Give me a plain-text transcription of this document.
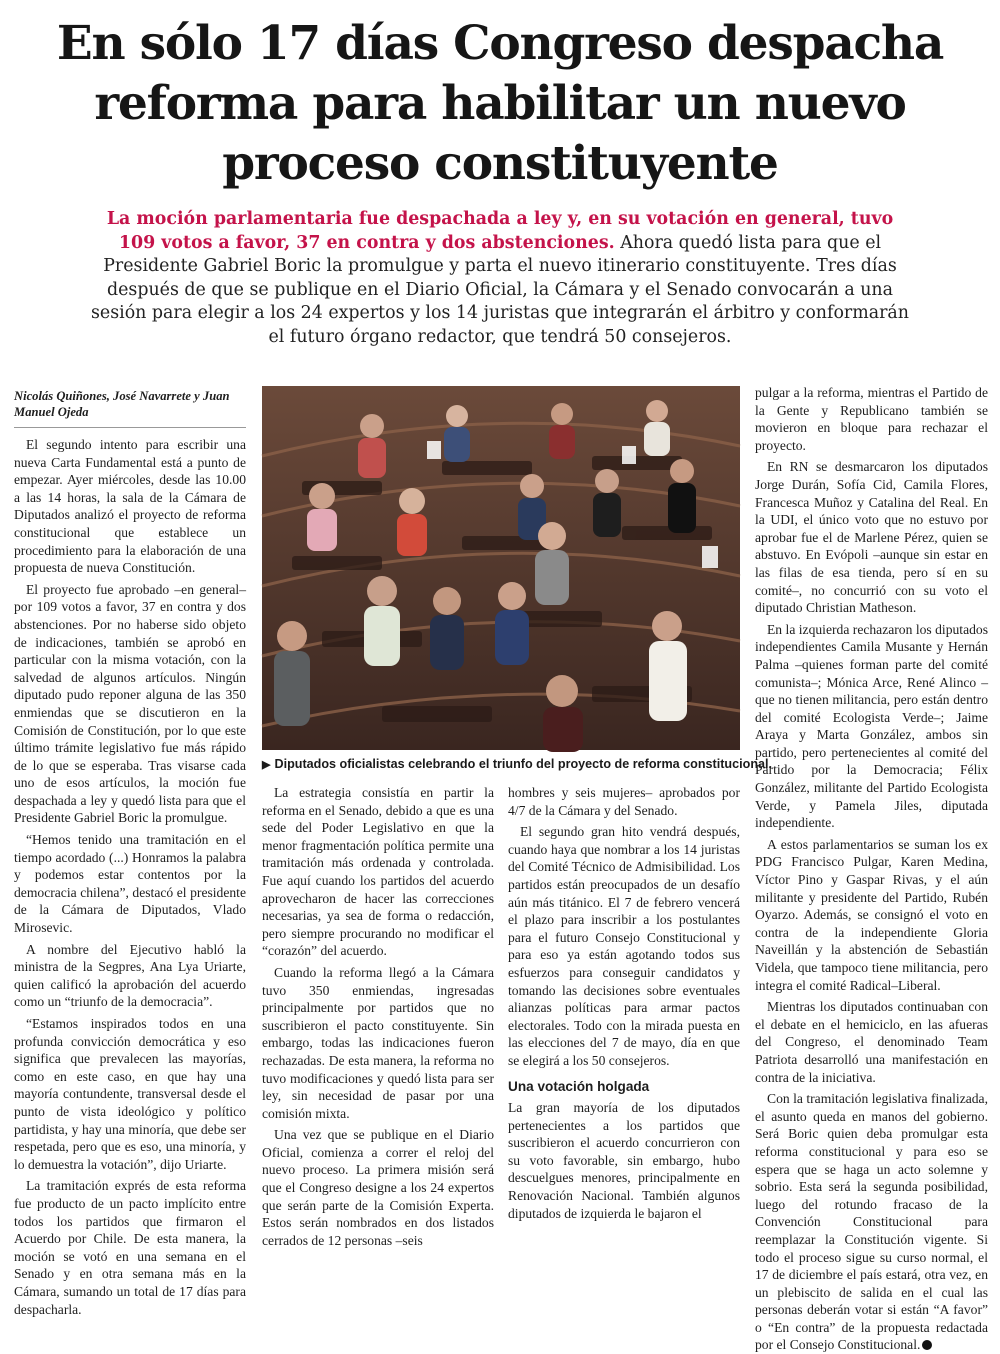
En sólo 17 días Congreso despacha reforma para habilitar un nuevo proceso constituyente
La moción parlamentaria fue despachada a ley y, en su votación en general, tuvo 109 votos a favor, 37 en contra y dos abstenciones. Ahora quedó lista para que el Presidente Gabriel Boric la promulgue y parta el nuevo itinerario constituyente. Tres días después de que se publique en el Diario Oficial, la Cámara y el Senado convocarán a una sesión para elegir a los 24 expertos y los 14 juristas que integrarán el árbitro y conformarán el futuro órgano redactor, que tendrá 50 consejeros.
Nicolás Quiñones, José Navarrete y Juan Manuel Ojeda

El segundo intento para escribir una nueva Carta Fundamental está a punto de empezar. Ayer miércoles, desde las 10.00 a las 14 horas, la sala de la Cámara de Diputados analizó el proyecto de reforma constitucional que establece un procedimiento para la elaboración de una propuesta de nueva Constitución.

El proyecto fue aprobado –en general– por 109 votos a favor, 37 en contra y dos abstenciones. Por no haberse sido objeto de indicaciones, también se aprobó en particular con la misma votación, con la salvedad de algunos artículos. Ningún diputado pudo reponer alguna de las 350 enmiendas que se discutieron en la Comisión de Constitución, por lo que este último trámite legislativo fue más rápido de lo que se esperaba. Tras visarse cada uno de esos artículos, la moción fue despachada a ley y quedó lista para que el Presidente Gabriel Boric la promulgue.

“Hemos tenido una tramitación en el tiempo acordado (...) Honramos la palabra y podemos estar contentos por la democracia chilena”, destacó el presidente de la Cámara de Diputados, Vlado Mirosevic.

A nombre del Ejecutivo habló la ministra de la Segpres, Ana Lya Uriarte, quien calificó la aprobación del acuerdo como un “triunfo de la democracia”.

“Estamos inspirados todos en una profunda convicción democrática y eso significa que prevalecen las mayorías, como en este caso, en que hay una mayoría contundente, transversal desde el punto de vista ideológico y político partidista, y hay una minoría, que debe ser respetada, pero que es eso, una minoría, y lo demuestra la votación”, dijo Uriarte.

La tramitación exprés de esta reforma fue producto de un pacto implícito entre todos los partidos que firmaron el Acuerdo por Chile. De esta manera, la moción se votó en una semana en el Senado y en otra semana más en la Cámara, sumando un total de 17 días para despacharla.

▶ Diputados oficialistas celebrando el triunfo del proyecto de reforma constitucional.

La estrategia consistía en partir la reforma en el Senado, debido a que es una sede del Poder Legislativo en que la menor fragmentación política permite una tramitación más ordenada y controlada. Fue aquí cuando los partidos del acuerdo aprovecharon de hacer las correcciones necesarias, ya sea de forma o redacción, pero siempre procurando no modificar el “corazón” del acuerdo.

Cuando la reforma llegó a la Cámara tuvo 350 enmiendas, ingresadas principalmente por partidos que no suscribieron el pacto constituyente. Sin embargo, todas las indicaciones fueron rechazadas. De esta manera, la reforma no tuvo modificaciones y quedó lista para ser ley, sin necesidad de pasar por una comisión mixta.

Una vez que se publique en el Diario Oficial, comienza a correr el reloj del nuevo proceso. La primera misión será que el Congreso designe a los 24 expertos que serán parte de la Comisión Experta. Estos serán nombrados en dos listados cerrados de 12 personas –seis

hombres y seis mujeres– aprobados por 4/7 de la Cámara y del Senado.

El segundo gran hito vendrá después, cuando haya que nombrar a los 14 juristas del Comité Técnico de Admisibilidad. Los partidos están preocupados de un desafío aún más titánico. El 7 de febrero vencerá el plazo para inscribir a los postulantes para el futuro Consejo Constitucional y para eso ya están agotando todos sus esfuerzos para conseguir candidatos y tomando las decisiones sobre eventuales alianzas políticas para armar pactos electorales. Todo con la mirada puesta en las elecciones del 7 de mayo, día en que se elegirá a los 50 consejeros.

Una votación holgada

La gran mayoría de los diputados pertenecientes a los partidos que suscribieron el acuerdo concurrieron con su voto favorable, sin embargo, hubo descuelgues menores, principalmente en Renovación Nacional. También algunos diputados de izquierda le bajaron el

pulgar a la reforma, mientras el Partido de la Gente y Republicano también se movieron en bloque para rechazar el proyecto.

En RN se desmarcaron los diputados Jorge Durán, Sofía Cid, Camila Flores, Francesca Muñoz y Catalina del Real. En la UDI, el único voto que no estuvo por aprobar fue el de Marlene Pérez, quien se abstuvo. En Evópoli –aunque sin estar en las filas de esa tienda, pero sí en su comité–, no concurrió con su voto el diputado Christian Matheson.

En la izquierda rechazaron los diputados independientes Camila Musante y Hernán Palma –quienes forman parte del comité comunista–; Mónica Arce, René Alinco –que no tienen militancia, pero están dentro del comité Ecologista Verde–; Jaime Araya y Marta González, ambos sin partido, pero pertenecientes al comité del Partido por la Democracia; Félix González, militante del Partido Ecologista Verde, y Pamela Jiles, diputada independiente.

A estos parlamentarios se suman los ex PDG Francisco Pulgar, Karen Medina, Víctor Pino y Gaspar Rivas, y el aún militante y presidente del Partido, Rubén Oyarzo. Además, se consignó el voto en contra de la independiente Gloria Naveillán y la abstención de Sebastián Videla, que tampoco tiene militancia, pero integra el comité Radical–Liberal.

Mientras los diputados continuaban con el debate en el hemiciclo, en las afueras del Congreso, el denominado Team Patriota desarrolló una manifestación en contra de la iniciativa.

Con la tramitación legislativa finalizada, el asunto queda en manos del gobierno. Será Boric quien deba promulgar esta reforma constitucional y para eso se espera que se haga un acto solemne y sobrio. Esta será la segunda posibilidad, luego del rotundo fracaso de la Convención Constitucional para reemplazar la Constitución vigente. Si todo el proceso sigue su curso normal, el 17 de diciembre el país estará, otra vez, en un plebiscito de salida en el cual las personas deberán votar si están “A favor” o “En contra” de la propuesta redactada por el Consejo Constitucional.
